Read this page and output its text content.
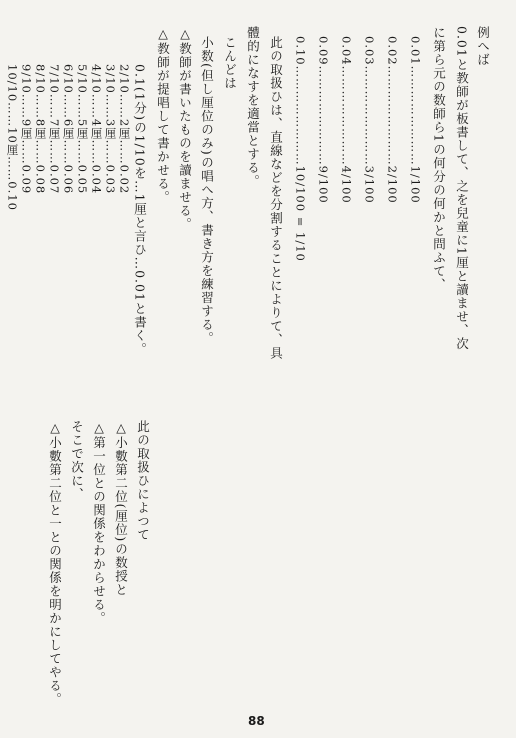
例へば
0.01と教師が板書して、之を兒童に1厘と讀ませ、次
に第ら元の数師ら1の何分の何かと問ふて、
0.01……………………1/100
0.02……………………2/100
0.03……………………3/100
0.04……………………4/100
0.09……………………9/100
0.10……………………10/100 = 1/10
此の取扱ひは、直線などを分割することによりて、具
體的になすを適當とする。
こんどは
小数(但し厘位のみ)の唱へ方、書き方を練習する。
△教師が書いたものを讀ませる。
△教師が提唱して書かせる。
0.1(1分)の1/10を…1厘と言ひ…0.01と書く。
2/10……2厘……0.02
3/10……3厘……0.03
4/10……4厘……0.04
5/10……5厘……0.05
6/10……6厘……0.06
7/10……7厘……0.07
8/10……8厘……0.08
9/10……9厘……0.09
10/10……10厘……0.10
此の取扱ひによつて
△小數第二位(厘位)の数授と
△第一位との関係をわからせる。
そこで次に、
△小數第二位と一との関係を明かにしてやる。
88
